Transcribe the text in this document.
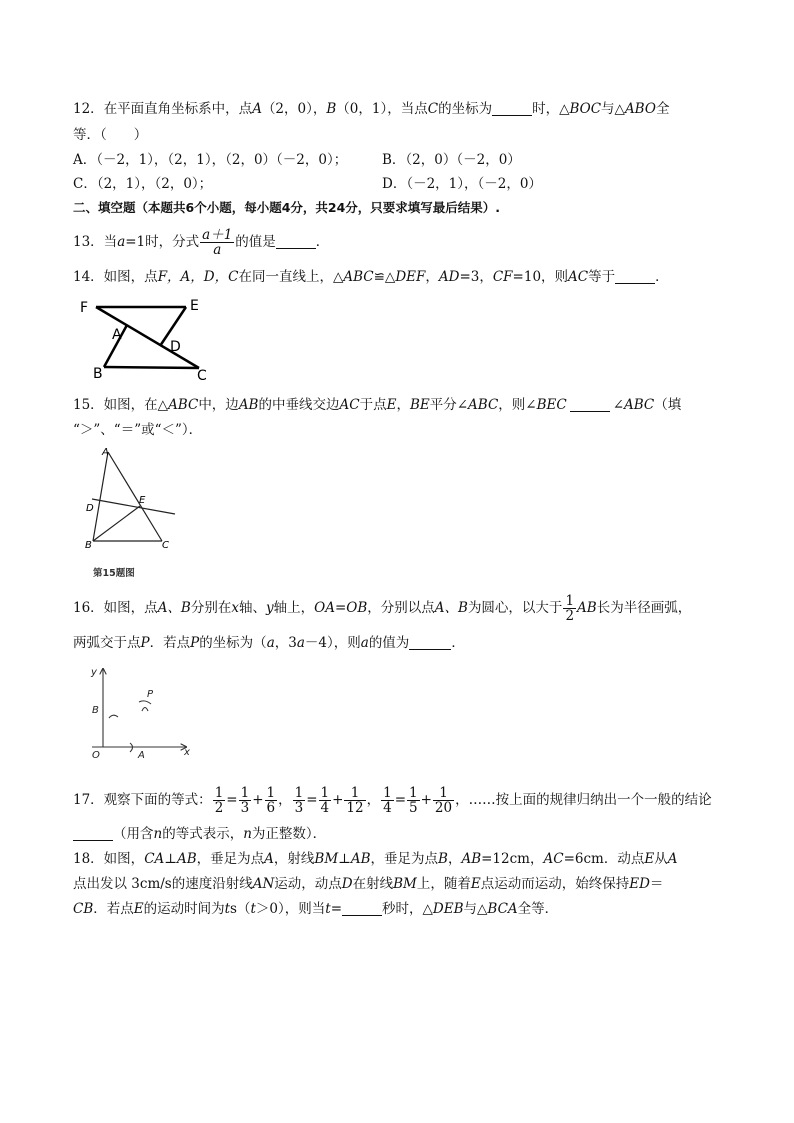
12．在平面直角坐标系中，点A（2，0），B（0，1），当点C的坐标为	时，△BOC与△ABO全
等．（　　）
A．（－2，1），（2，1），（2，0）（－2，0）；	B．（2，0）（－2，0）
C．（2，1），（2，0）；	D．（－2，1），（－2，0）
二、填空题（本题共6个小题，每小题4分，共24分，只要求填写最后结果）.
13．当a=1时，分式 $\frac{a+1}{a}$ 的值是	．
14．如图，点F，A，D，C在同一直线上，△ABC≌△DEF，AD=3，CF=10，则AC等于	．
F	E
A
D
B	C
15．如图，在△ABC中，边AB的中垂线交边AC于点E，BE平分∠ABC，则∠BEC	∠ABC（填
“＞”、“＝”或“＜”）．
A
D
E
B	C
第15题图
16．如图，点A、B分别在x轴、y轴上，OA=OB，分别以点A、B为圆心，以大于 $\frac{1}{2}$ AB长为半径画弧，
两弧交于点P．若点P的坐标为（a，3a－4），则a的值为	．
y
x
O	A
B
P
17．观察下面的等式： $\frac{1}{2} = \frac{1}{3} + \frac{1}{6}$ ， $\frac{1}{3} = \frac{1}{4} + \frac{1}{12}$ ， $\frac{1}{4} = \frac{1}{5} + \frac{1}{20}$ ，……按上面的规律归纳出一个一般的结论
（用含n的等式表示，n为正整数）．
18．如图，CA⊥AB，垂足为点A，射线BM⊥AB，垂足为点B，AB=12cm，AC=6cm．动点E从A
点出发以 3cm/s的速度沿射线AN运动，动点D在射线BM上，随着E点运动而运动，始终保持ED＝
CB．若点E的运动时间为ts（t＞0），则当t=	秒时，△DEB与△BCA全等．
